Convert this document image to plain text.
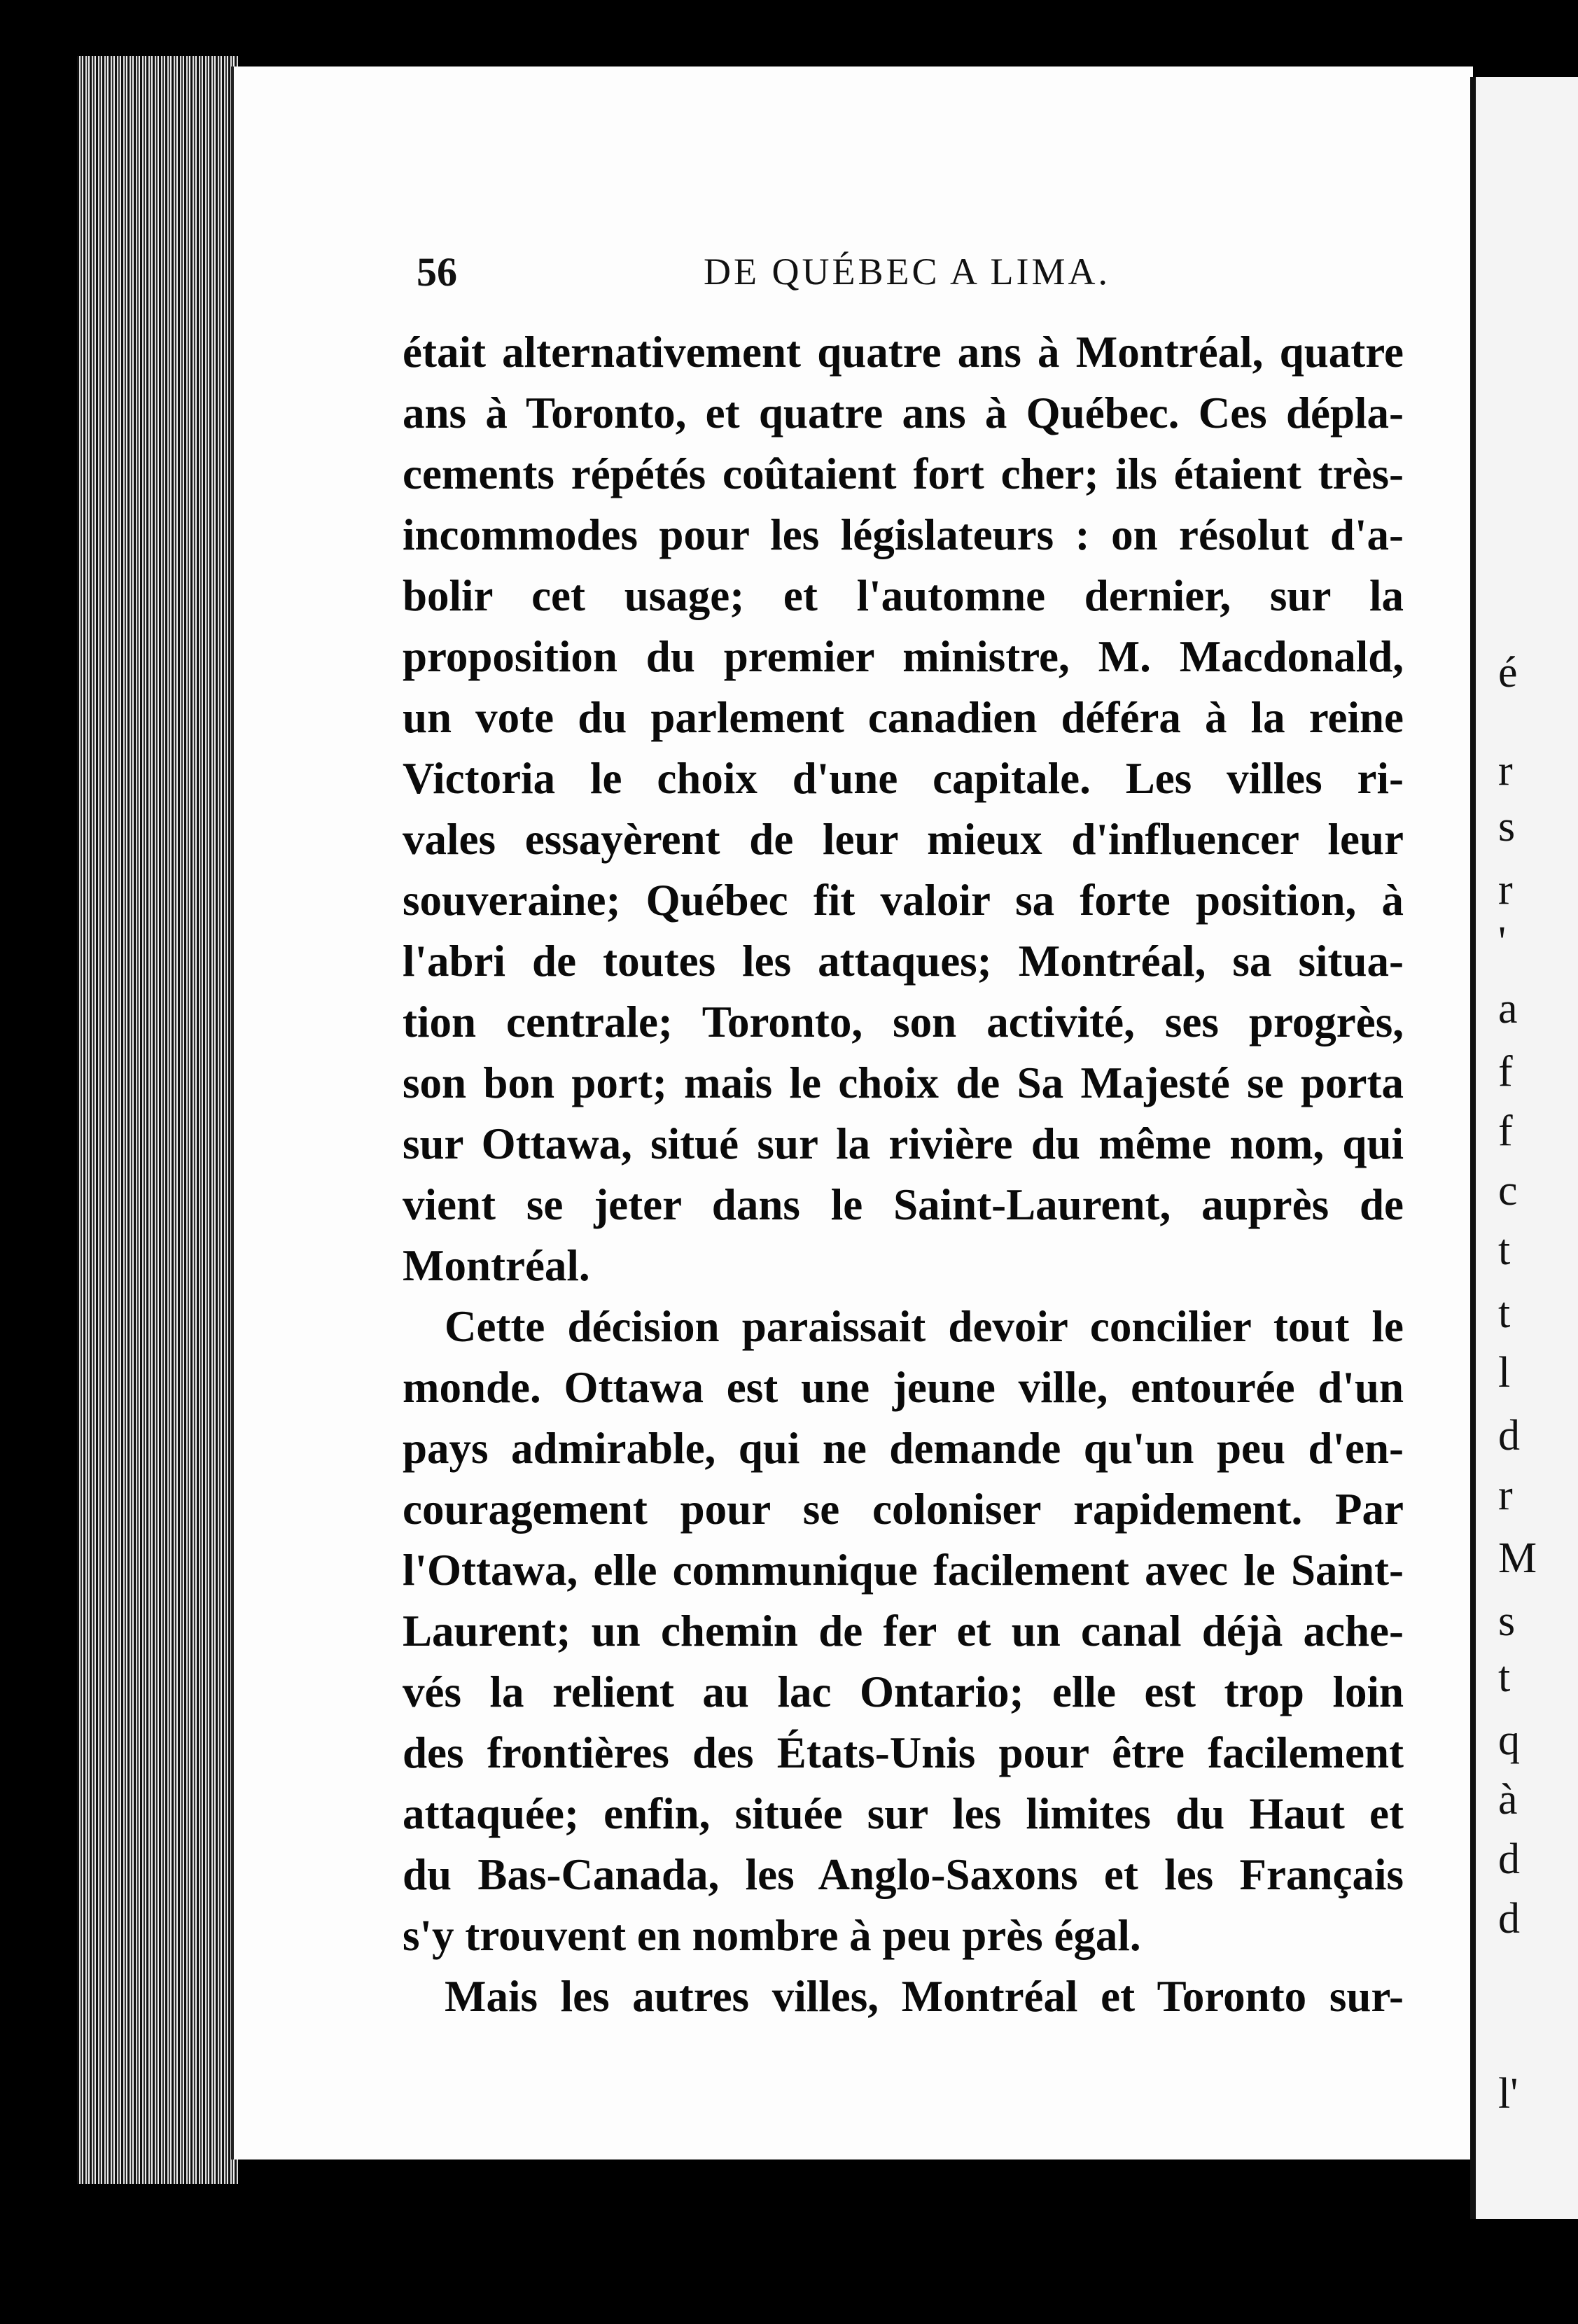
é
r
s
r
'
a
f
f
c
t
t
l
d
r
M
s
t
q
à
d
d
l'
56	DE QUÉBEC A LIMA.
était alternativement quatre ans à Montréal, quatre
ans à Toronto, et quatre ans à Québec. Ces dépla-
cements répétés coûtaient fort cher; ils étaient très-
incommodes pour les législateurs : on résolut d'a-
bolir cet usage; et l'automne dernier, sur la
proposition du premier ministre, M. Macdonald,
un vote du parlement canadien déféra à la reine
Victoria le choix d'une capitale. Les villes ri-
vales essayèrent de leur mieux d'influencer leur
souveraine; Québec fit valoir sa forte position, à
l'abri de toutes les attaques; Montréal, sa situa-
tion centrale; Toronto, son activité, ses progrès,
son bon port; mais le choix de Sa Majesté se porta
sur Ottawa, situé sur la rivière du même nom, qui
vient se jeter dans le Saint-Laurent, auprès de
Montréal.
Cette décision paraissait devoir concilier tout le
monde. Ottawa est une jeune ville, entourée d'un
pays admirable, qui ne demande qu'un peu d'en-
couragement pour se coloniser rapidement. Par
l'Ottawa, elle communique facilement avec le Saint-
Laurent; un chemin de fer et un canal déjà ache-
vés la relient au lac Ontario; elle est trop loin
des frontières des États-Unis pour être facilement
attaquée; enfin, située sur les limites du Haut et
du Bas-Canada, les Anglo-Saxons et les Français
s'y trouvent en nombre à peu près égal.
Mais les autres villes, Montréal et Toronto sur-
